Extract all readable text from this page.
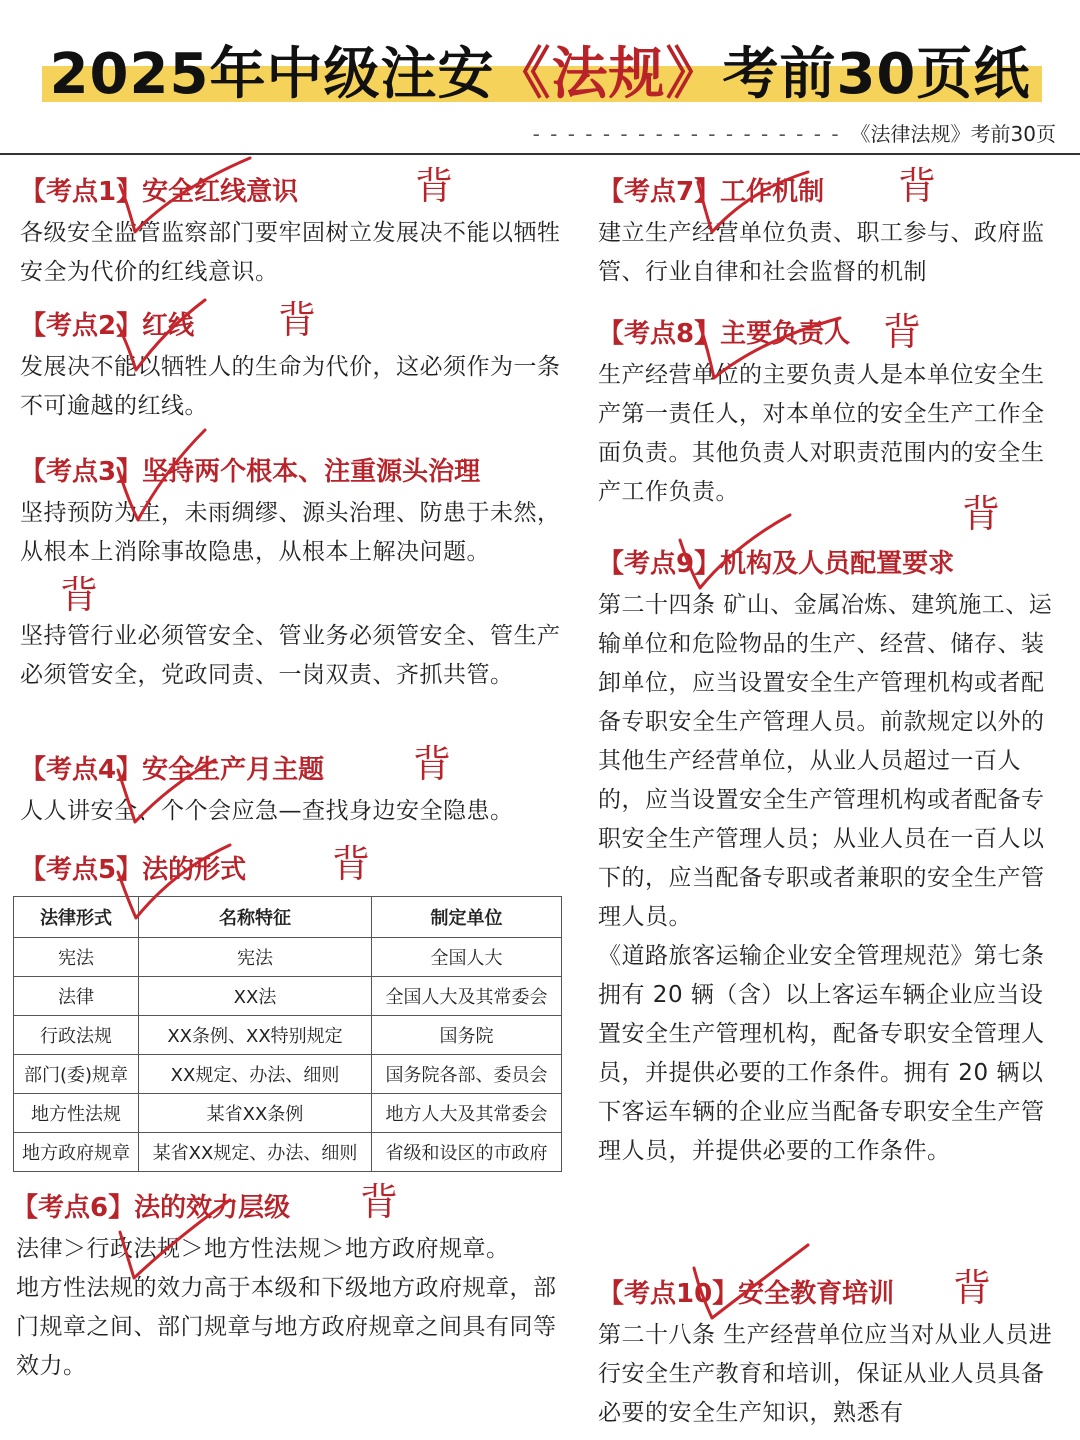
2025年中级注安《法规》考前30页纸
- - - - - - - - - - - - - - - - - - 《法律法规》考前30页
【考点1】安全红线意识	背

各级安全监管监察部门要牢固树立发展决不能以牺牲安全为代价的红线意识。

【考点2】红线 背

发展决不能以牺牲人的生命为代价，这必须作为一条不可逾越的红线。

【考点3】坚持两个根本、注重源头治理

坚持预防为主，未雨绸缪、源头治理、防患于未然，从根本上消除事故隐患，从根本上解决问题。背

坚持管行业必须管安全、管业务必须管安全、管生产必须管安全，党政同责、一岗双责、齐抓共管。

【考点4】安全生产月主题 背

人人讲安全、个个会应急—查找身边安全隐患。

【考点5】法的形式 背
法律形式	名称特征	制定单位
宪法	宪法	全国人大
法律	XX法	全国人大及其常委会
行政法规	XX条例、XX特别规定	国务院
部门(委)规章	XX规定、办法、细则	国务院各部、委员会
地方性法规	某省XX条例	地方人大及其常委会
地方政府规章	某省XX规定、办法、细则	省级和设区的市政府
【考点6】法的效力层级 背

法律＞行政法规＞地方性法规＞地方政府规章。

地方性法规的效力高于本级和下级地方政府规章，部门规章之间、部门规章与地方政府规章之间具有同等效力。

【考点7】工作机制 背

建立生产经营单位负责、职工参与、政府监管、行业自律和社会监督的机制

【考点8】主要负责人 背

生产经营单位的主要负责人是本单位安全生产第一责任人，对本单位的安全生产工作全面负责。其他负责人对职责范围内的安全生产工作负责。	背
【考点9】机构及人员配置要求

第二十四条 矿山、金属冶炼、建筑施工、运输单位和危险物品的生产、经营、储存、装卸单位，应当设置安全生产管理机构或者配备专职安全生产管理人员。前款规定以外的其他生产经营单位，从业人员超过一百人的，应当设置安全生产管理机构或者配备专职安全生产管理人员；从业人员在一百人以下的，应当配备专职或者兼职的安全生产管理人员。

《道路旅客运输企业安全管理规范》第七条 拥有 20 辆（含）以上客运车辆企业应当设置安全生产管理机构，配备专职安全管理人员，并提供必要的工作条件。拥有 20 辆以下客运车辆的企业应当配备专职安全生产管理人员，并提供必要的工作条件。

【考点10】安全教育培训 背

第二十八条 生产经营单位应当对从业人员进行安全生产教育和培训，保证从业人员具备必要的安全生产知识，熟悉有
